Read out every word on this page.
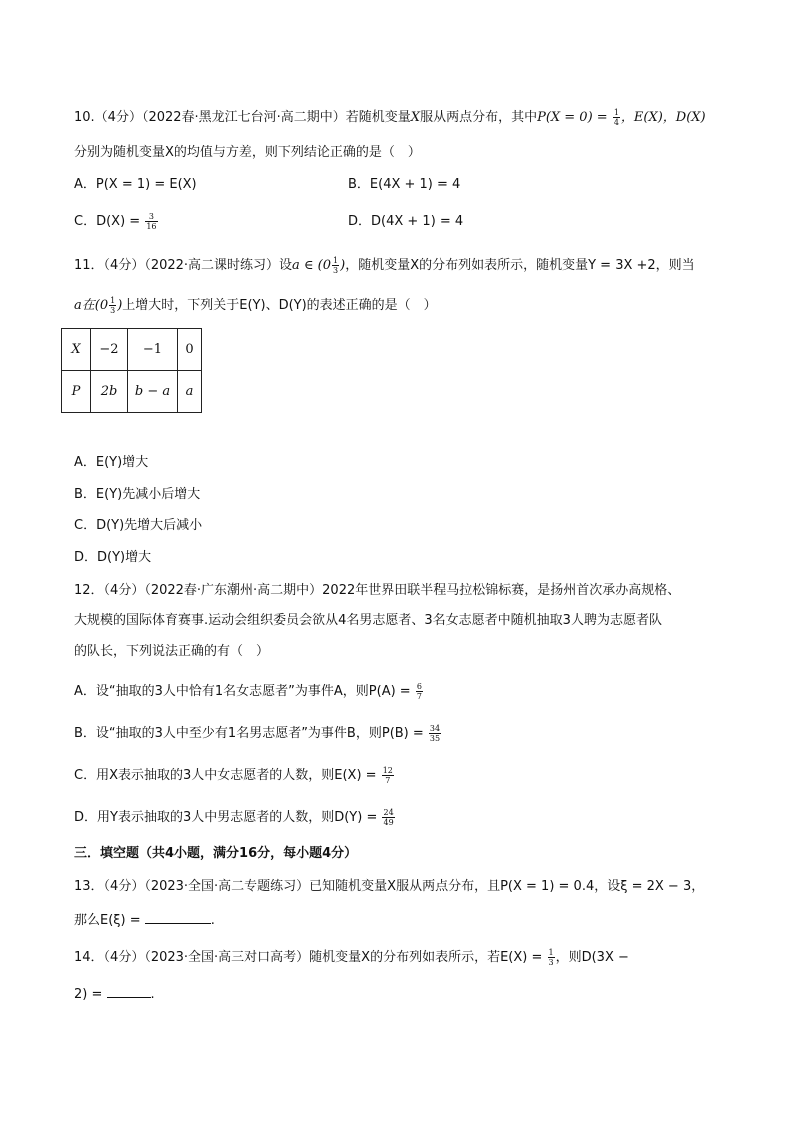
10.（4分）（2022春·黑龙江七台河·高二期中）若随机变量X服从两点分布，其中$P(X = 0) = \frac{1}{4}$ ，E(X)，D(X)
分别为随机变量X的均值与方差，则下列结论正确的是（　）
A．P(X = 1) = E(X)	B．E(4X + 1) = 4
C．$D(X) = \frac{3}{16}$	D．D(4X + 1) = 4
11．（4分）（2022·高二课时练习）设a ∈ ($0 \frac{1}{3}$ )，随机变量X的分布列如表所示，随机变量Y = 3X +2，则当
a在($0 \frac{1}{3}$ )上增大时，下列关于E(Y)、D(Y)的表述正确的是（　）
X	−2	−1	0
P	2b	b − a	a
A．E(Y)增大
B．E(Y)先减小后增大
C．D(Y)先增大后减小
D．D(Y)增大
12．（4分）（2022春·广东潮州·高二期中）2022年世界田联半程马拉松锦标赛，是扬州首次承办高规格、
大规模的国际体育赛事.运动会组织委员会欲从4名男志愿者、3名女志愿者中随机抽取3人聘为志愿者队
的队长，下列说法正确的有（　）
A．设“抽取的3人中恰有1名女志愿者”为事件A，则$P(A) = \frac{6}{7}$
B．设“抽取的3人中至少有1名男志愿者”为事件B，则$P(B) = \frac{34}{35}$
C．用X表示抽取的3人中女志愿者的人数，则$E(X) = \frac{12}{7}$
D．用Y表示抽取的3人中男志愿者的人数，则$D(Y) = \frac{24}{49}$
三．填空题（共4小题，满分16分，每小题4分）
13．（4分）（2023·全国·高二专题练习）已知随机变量X服从两点分布，且P(X = 1) = 0.4，设ξ = 2X − 3，
那么E(ξ) =	.
14．（4分）（2023·全国·高三对口高考）随机变量X的分布列如表所示，若$E(X) = \frac{1}{3}$ ，则D(3X −
2) =	.
